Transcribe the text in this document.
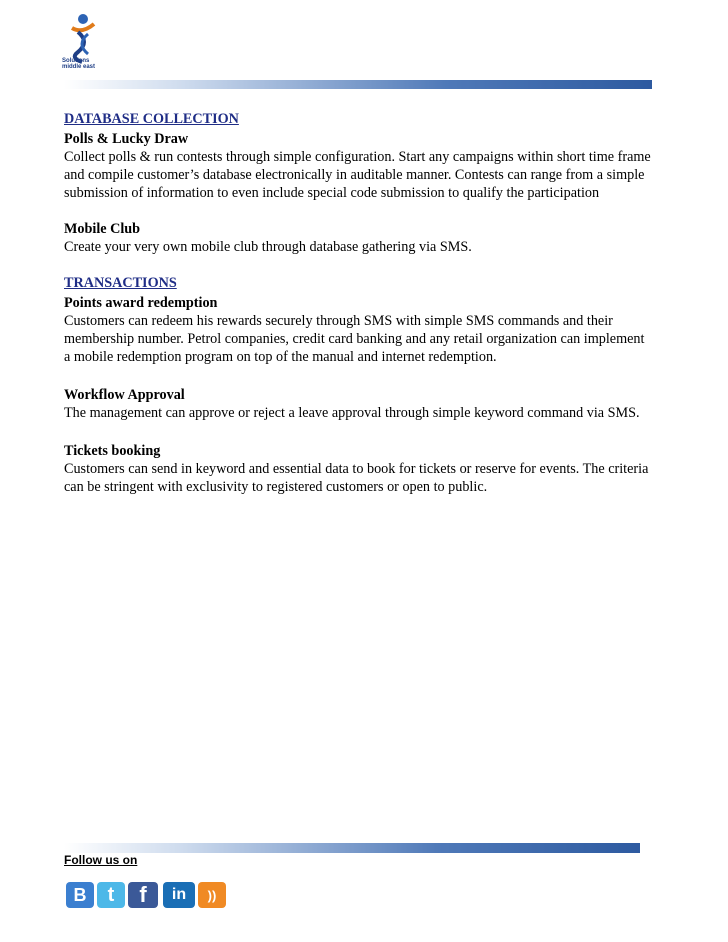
Solutions
middle east
DATABASE COLLECTION
Polls & Lucky Draw

Collect polls & run contests through simple configuration. Start any campaigns within short time frame and compile customer’s database electronically in auditable manner. Contests can range from a simple submission of information to even include special code submission to qualify the participation

Mobile Club

Create your very own mobile club through database gathering via SMS.

TRANSACTIONS
Points award redemption

Customers can redeem his rewards securely through SMS with simple SMS commands and their membership number. Petrol companies, credit card banking and any retail organization can implement a mobile redemption program on top of the manual and internet redemption.

Workflow Approval

The management can approve or reject a leave approval through simple keyword command via SMS.

Tickets booking

Customers can send in keyword and essential data to book for tickets or reserve for events. The criteria can be stringent with exclusivity to registered customers or open to public.

Follow us on
B t f in ))
